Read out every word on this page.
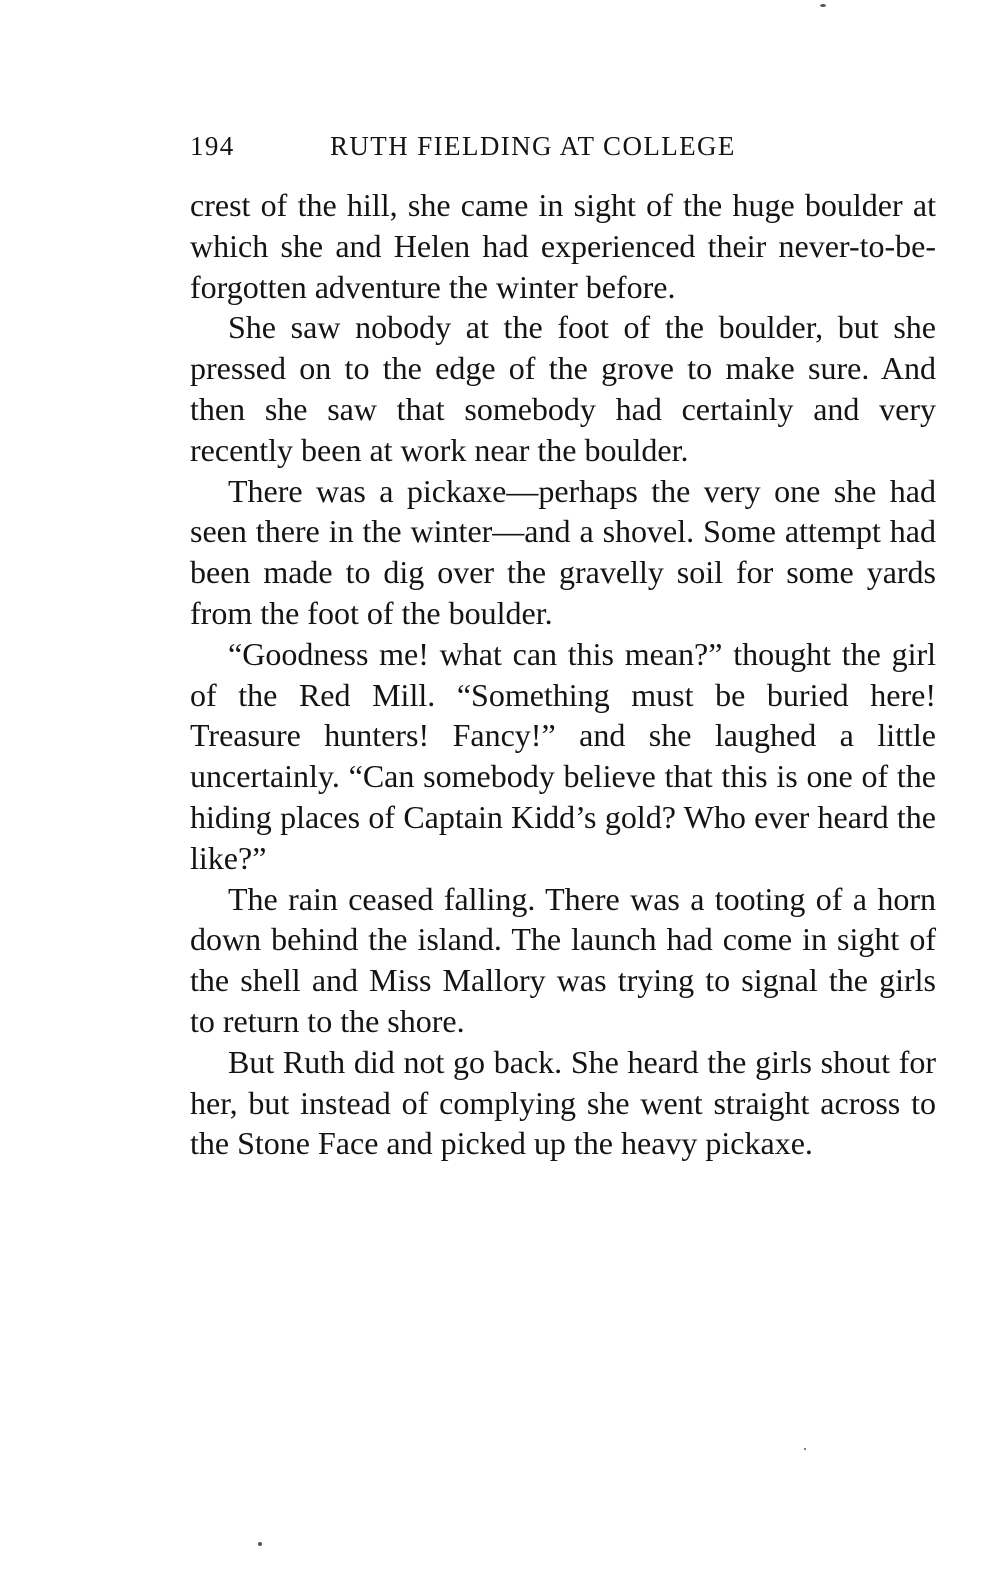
194	RUTH FIELDING AT COLLEGE

crest of the hill, she came in sight of the huge boulder at which she and Helen had experienced their never-to-be-forgotten adventure the winter before.

She saw nobody at the foot of the boulder, but she pressed on to the edge of the grove to make sure. And then she saw that somebody had certainly and very recently been at work near the boulder.

There was a pickaxe—perhaps the very one she had seen there in the winter—and a shovel. Some attempt had been made to dig over the gravelly soil for some yards from the foot of the boulder.

“Goodness me! what can this mean?” thought the girl of the Red Mill. “Something must be buried here! Treasure hunters! Fancy!” and she laughed a little uncertainly. “Can somebody believe that this is one of the hiding places of Captain Kidd’s gold? Who ever heard the like?”

The rain ceased falling. There was a tooting of a horn down behind the island. The launch had come in sight of the shell and Miss Mallory was trying to signal the girls to return to the shore.

But Ruth did not go back. She heard the girls shout for her, but instead of complying she went straight across to the Stone Face and picked up the heavy pickaxe.
